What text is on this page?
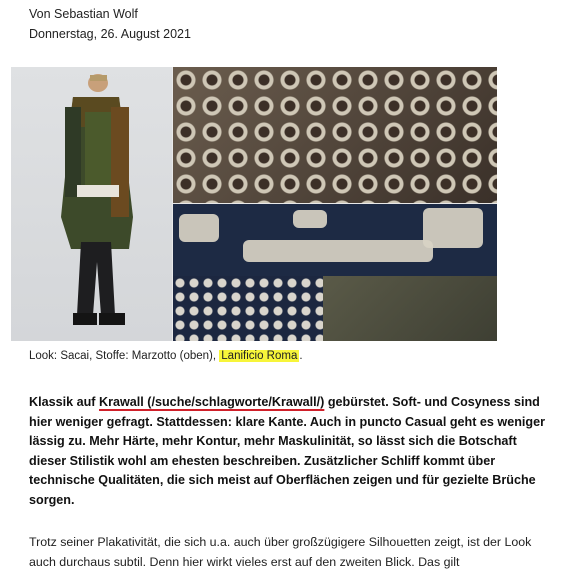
Von Sebastian Wolf
Donnerstag, 26. August 2021
Look: Sacai, Stoffe: Marzotto (oben), Lanificio Roma .
Klassik auf Krawall (/suche/schlagworte/Krawall/) gebürstet. Soft- und Cosyness sind hier weniger gefragt. Stattdessen: klare Kante. Auch in puncto Casual geht es weniger lässig zu. Mehr Härte, mehr Kontur, mehr Maskulinität, so lässt sich die Botschaft dieser Stilistik wohl am ehesten beschreiben. Zusätzlicher Schliff kommt über technische Qualitäten, die sich meist auf Oberflächen zeigen und für gezielte Brüche sorgen.
Trotz seiner Plakativität, die sich u.a. auch über großzügigere Silhouetten zeigt, ist der Look auch durchaus subtil. Denn hier wirkt vieles erst auf den zweiten Blick. Das gilt
